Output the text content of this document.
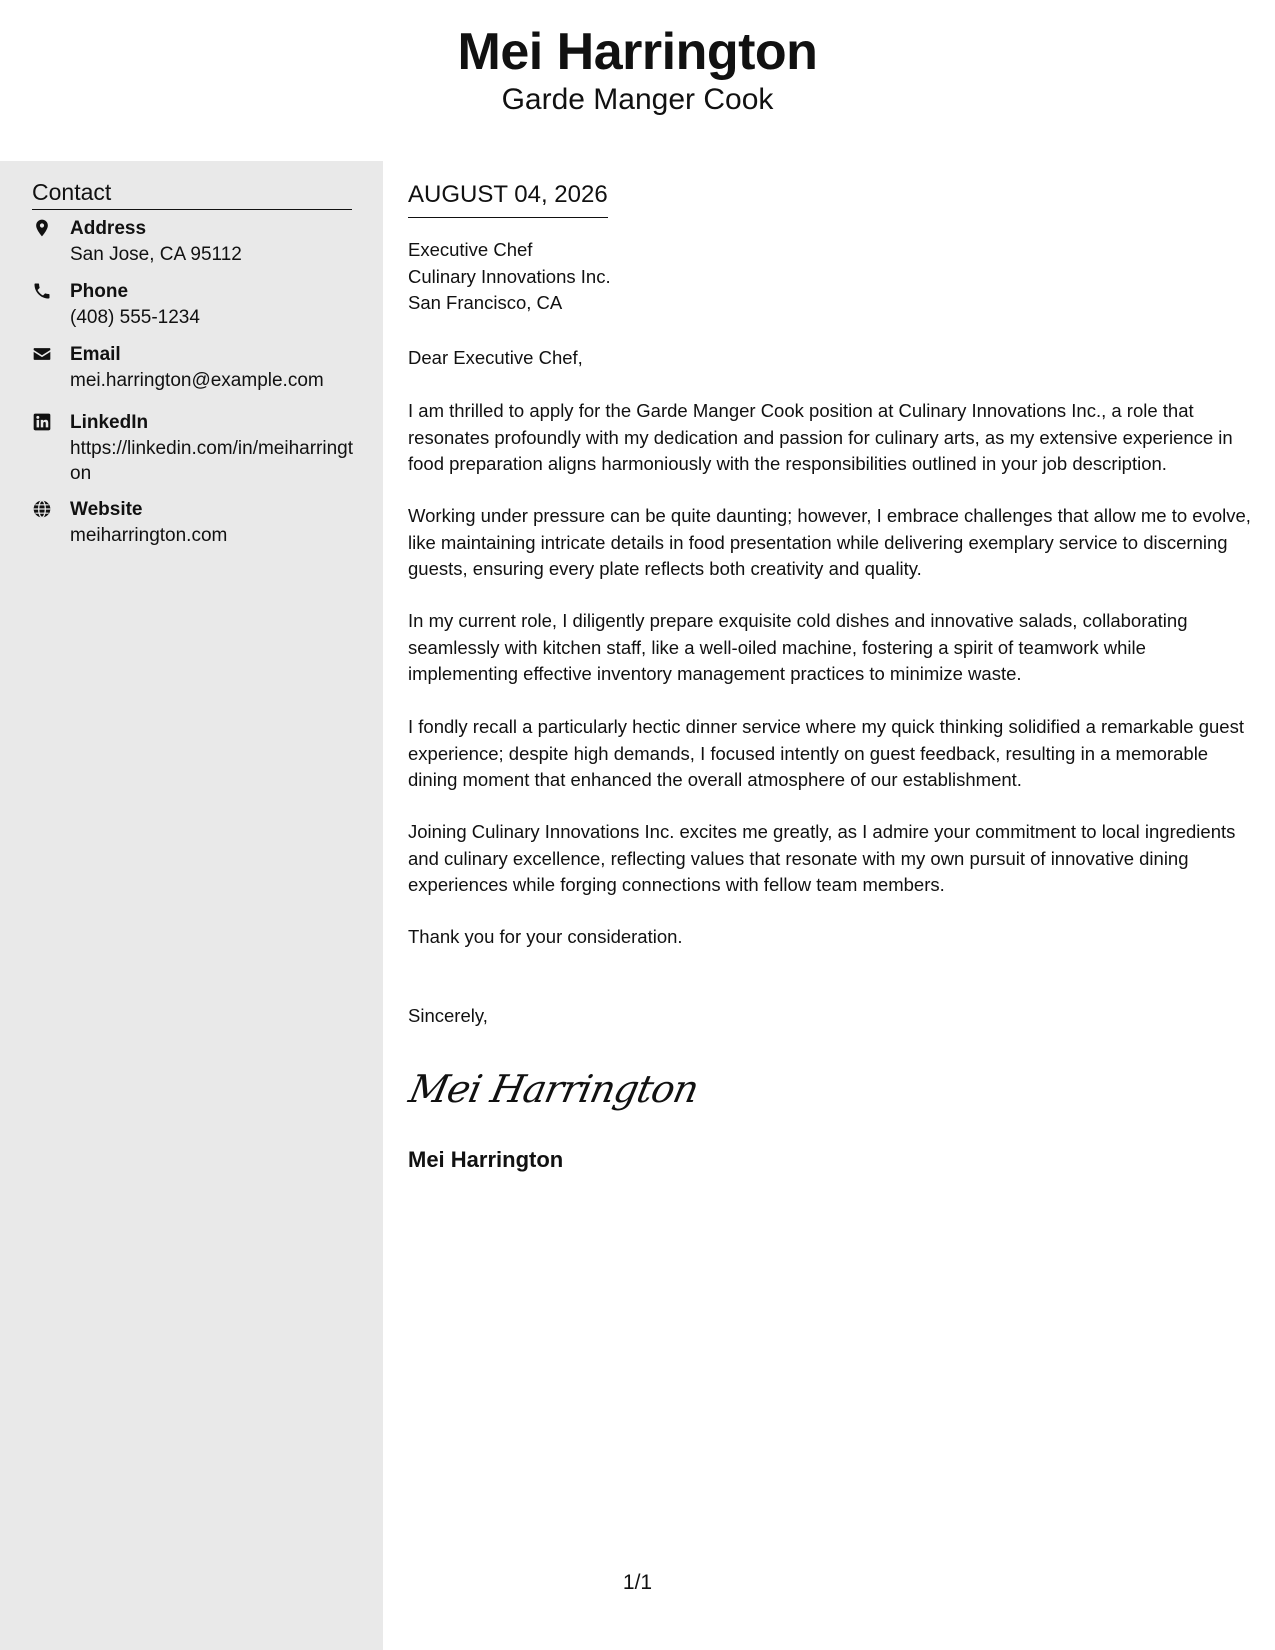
Mei Harrington
Garde Manger Cook
Contact
Address
San Jose, CA 95112
Phone
(408) 555-1234
Email
mei.harrington@example.com
LinkedIn
https://linkedin.com/in/meiharrington
Website
meiharrington.com
AUGUST 04, 2026
Executive Chef
Culinary Innovations Inc.
San Francisco, CA
Dear Executive Chef,
I am thrilled to apply for the Garde Manger Cook position at Culinary Innovations Inc., a role that resonates profoundly with my dedication and passion for culinary arts, as my extensive experience in food preparation aligns harmoniously with the responsibilities outlined in your job description.
Working under pressure can be quite daunting; however, I embrace challenges that allow me to evolve, like maintaining intricate details in food presentation while delivering exemplary service to discerning guests, ensuring every plate reflects both creativity and quality.
In my current role, I diligently prepare exquisite cold dishes and innovative salads, collaborating seamlessly with kitchen staff, like a well-oiled machine, fostering a spirit of teamwork while implementing effective inventory management practices to minimize waste.
I fondly recall a particularly hectic dinner service where my quick thinking solidified a remarkable guest experience; despite high demands, I focused intently on guest feedback, resulting in a memorable dining moment that enhanced the overall atmosphere of our establishment.
Joining Culinary Innovations Inc. excites me greatly, as I admire your commitment to local ingredients and culinary excellence, reflecting values that resonate with my own pursuit of innovative dining experiences while forging connections with fellow team members.
Thank you for your consideration.
Sincerely,
Mei Harrington
Mei Harrington
1/1
